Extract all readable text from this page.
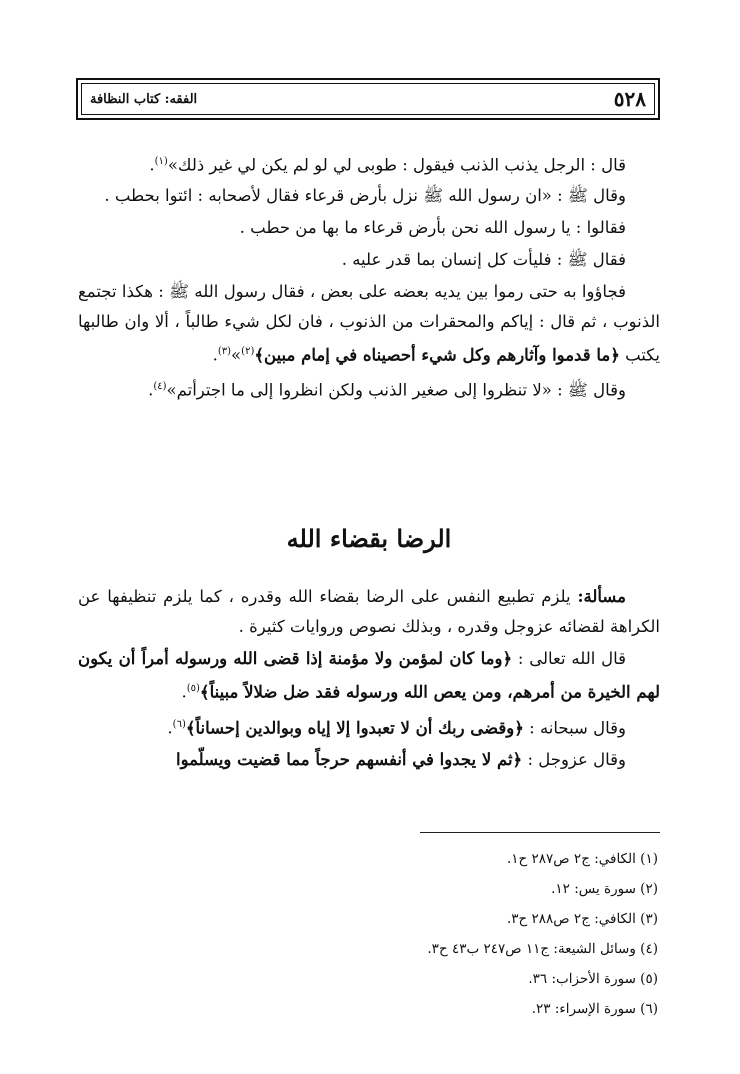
٥٢٨
الفقه: كتاب النظافة

قال : الرجل يذنب الذنب فيقول : طوبى لي لو لم يكن لي غير ذلك»$^{(١)}$.

وقال ﷺ : «ان رسول الله ﷺ نزل بأرض قرعاء فقال لأصحابه : ائتوا بحطب .

فقالوا : يا رسول الله نحن بأرض قرعاء ما بها من حطب .

فقال ﷺ : فليأت كل إنسان بما قدر عليه .

فجاؤوا به حتى رموا بين يديه بعضه على بعض ، فقال رسول الله ﷺ : هكذا تجتمع الذنوب ، ثم قال : إياكم والمحقرات من الذنوب ، فان لكل شيء طالباً ، ألا وان طالبها يكتب ﴿ما قدموا وآثارهم وكل شيء أحصيناه في إمام مبين﴾$^{(٢)}$»$^{(٣)}$.

وقال ﷺ : «لا تنظروا إلى صغير الذنب ولكن انظروا إلى ما اجترأتم»$^{(٤)}$.

الرضا بقضاء الله

مسألة: يلزم تطبيع النفس على الرضا بقضاء الله وقدره ، كما يلزم تنظيفها عن الكراهة لقضائه عزوجل وقدره ، وبذلك نصوص وروايات كثيرة .

قال الله تعالى : ﴿وما كان لمؤمن ولا مؤمنة إذا قضى الله ورسوله أمراً أن يكون لهم الخيرة من أمرهم، ومن يعص الله ورسوله فقد ضل ضلالاً مبيناً﴾$^{(٥)}$.

وقال سبحانه : ﴿وقضى ربك أن لا تعبدوا إلا إياه وبوالدين إحساناً﴾$^{(٦)}$.

وقال عزوجل : ﴿ثم لا يجدوا في أنفسهم حرجاً مما قضيت ويسلّموا

(١) الكافي: ج٢ ص٢٨٧ ح١.

(٢) سورة يس: ١٢.

(٣) الكافي: ج٢ ص٢٨٨ ح٣.

(٤) وسائل الشيعة: ج١١ ص٢٤٧ ب٤٣ ح٣.

(٥) سورة الأحزاب: ٣٦.

(٦) سورة الإسراء: ٢٣.
